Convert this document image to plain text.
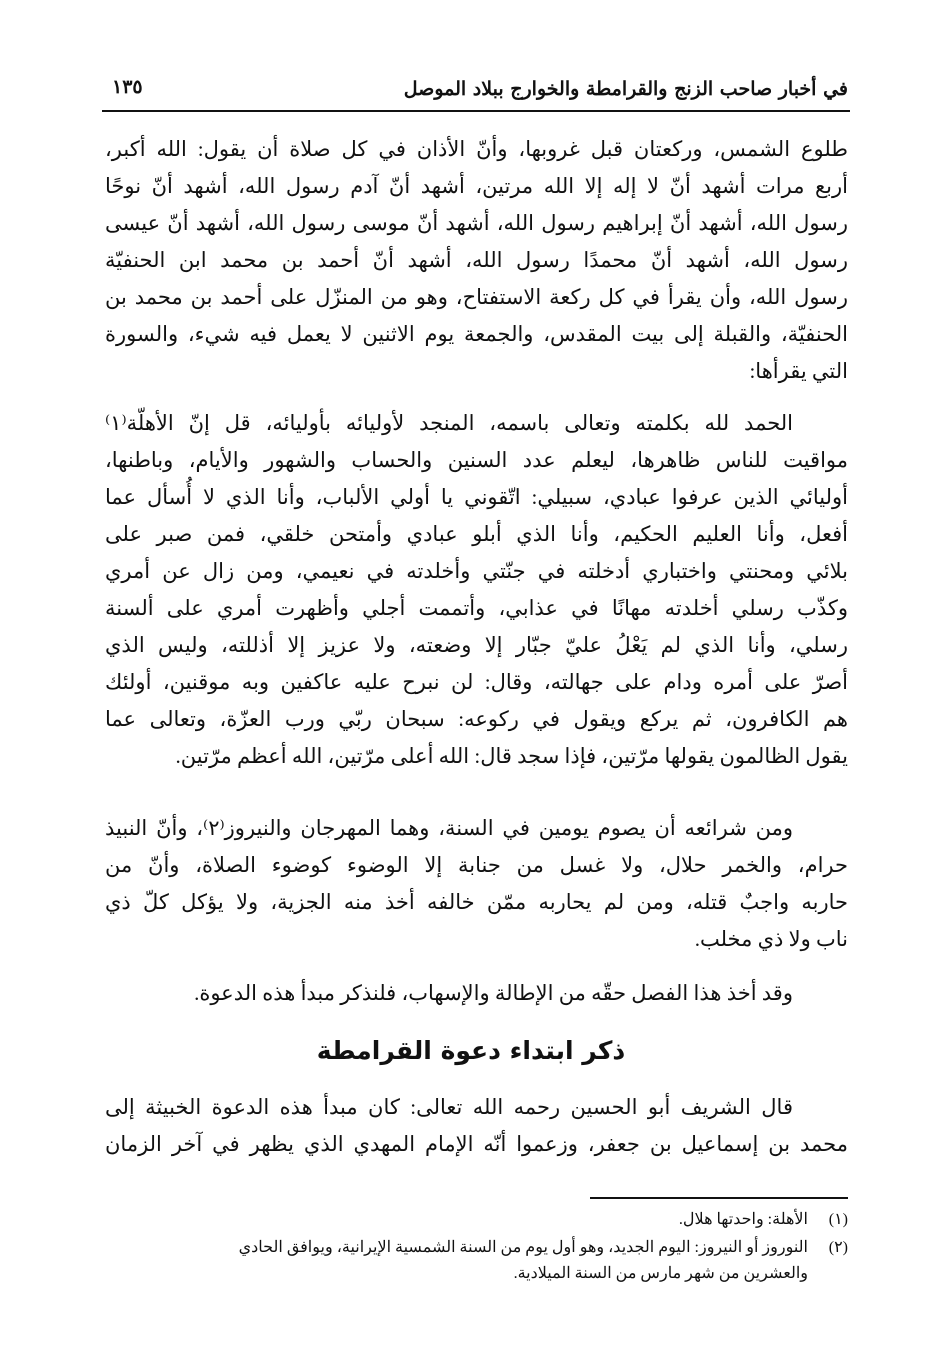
في أخبار صاحب الزنج والقرامطة والخوارج ببلاد الموصل
١٣٥
طلوع الشمس، وركعتان قبل غروبها، وأنّ الأذان في كل صلاة أن يقول: الله أكبر،
أربع مرات أشهد أنّ لا إله إلا الله مرتين، أشهد أنّ آدم رسول الله، أشهد أنّ نوحًا
رسول الله، أشهد أنّ إبراهيم رسول الله، أشهد أنّ موسى رسول الله، أشهد أنّ عيسى
رسول الله، أشهد أنّ محمدًا رسول الله، أشهد أنّ أحمد بن محمد ابن الحنفيّة
رسول الله، وأن يقرأ في كل ركعة الاستفتاح، وهو من المنزّل على أحمد بن محمد بن
الحنفيّة، والقبلة إلى بيت المقدس، والجمعة يوم الاثنين لا يعمل فيه شيء، والسورة
التي يقرأها:
الحمد لله بكلمته وتعالى باسمه، المنجد لأوليائه بأوليائه، قل إنّ الأهلّة⁽١⁾
مواقيت للناس ظاهرها، ليعلم عدد السنين والحساب والشهور والأيام، وباطنها،
أوليائي الذين عرفوا عبادي، سبيلي: اتّقوني يا أولي الألباب، وأنا الذي لا أُسأل عما
أفعل، وأنا العليم الحكيم، وأنا الذي أبلو عبادي وأمتحن خلقي، فمن صبر على
بلائي ومحنتي واختباري أدخلته في جنّتي وأخلدته في نعيمي، ومن زال عن أمري
وكذّب رسلي أخلدته مهانًا في عذابي، وأتممت أجلي وأظهرت أمري على ألسنة
رسلي، وأنا الذي لم يَعْلُ عليّ جبّار إلا وضعته، ولا عزيز إلا أذللته، وليس الذي
أصرّ على أمره ودام على جهالته، وقال: لن نبرح عليه عاكفين وبه موقنين، أولئك
هم الكافرون، ثم يركع ويقول في ركوعه: سبحان ربّي ورب العزّة، وتعالى عما
يقول الظالمون يقولها مرّتين، فإذا سجد قال: الله أعلى مرّتين، الله أعظم مرّتين.
ومن شرائعه أن يصوم يومين في السنة، وهما المهرجان والنيروز⁽٢⁾، وأنّ النبيذ
حرام، والخمر حلال، ولا غسل من جنابة إلا الوضوء كوضوء الصلاة، وأنّ من
حاربه واجبٌ قتله، ومن لم يحاربه ممّن خالفه أخذ منه الجزية، ولا يؤكل كلّ ذي
ناب ولا ذي مخلب.
وقد أخذ هذا الفصل حقّه من الإطالة والإسهاب، فلنذكر مبدأ هذه الدعوة.
قال الشريف أبو الحسين رحمه الله تعالى: كان مبدأ هذه الدعوة الخبيثة إلى
محمد بن إسماعيل بن جعفر، وزعموا أنّه الإمام المهدي الذي يظهر في آخر الزمان
ذكر ابتداء دعوة القرامطة
(١)الأهلة: واحدتها هلال.
(٢)النوروز أو النيروز: اليوم الجديد، وهو أول يوم من السنة الشمسية الإيرانية، ويوافق الحادي
والعشرين من شهر مارس من السنة الميلادية.
